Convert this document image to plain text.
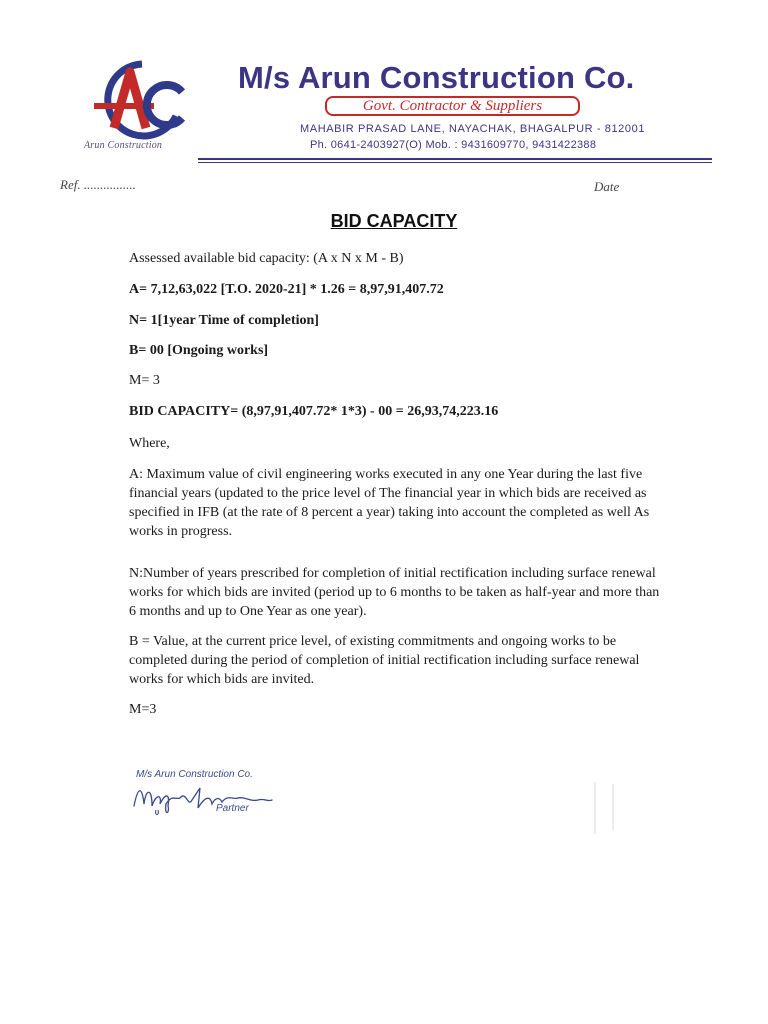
Arun Construction
M/s Arun Construction Co.
Govt. Contractor & Suppliers
MAHABIR PRASAD LANE, NAYACHAK, BHAGALPUR - 812001
Ph. 0641-2403927(O) Mob. : 9431609770, 9431422388
Ref. ................	Date
BID CAPACITY
Assessed available bid capacity: (A x N x M - B)
A= 7,12,63,022 [T.O. 2020-21] * 1.26 = 8,97,91,407.72
N= 1[1year Time of completion]
B= 00 [Ongoing works]
M= 3
BID CAPACITY= (8,97,91,407.72* 1*3) - 00 = 26,93,74,223.16
Where,
A: Maximum value of civil engineering works executed in any one Year during the last five financial years (updated to the price level of The financial year in which bids are received as specified in IFB (at the rate of 8 percent a year) taking into account the completed as well As works in progress.
N:Number of years prescribed for completion of initial rectification including surface renewal works for which bids are invited (period up to 6 months to be taken as half-year and more than 6 months and up to One Year as one year).
B = Value, at the current price level, of existing commitments and ongoing works to be completed during the period of completion of initial rectification including surface renewal works for which bids are invited.
M=3
M/s Arun Construction Co.
Partner
